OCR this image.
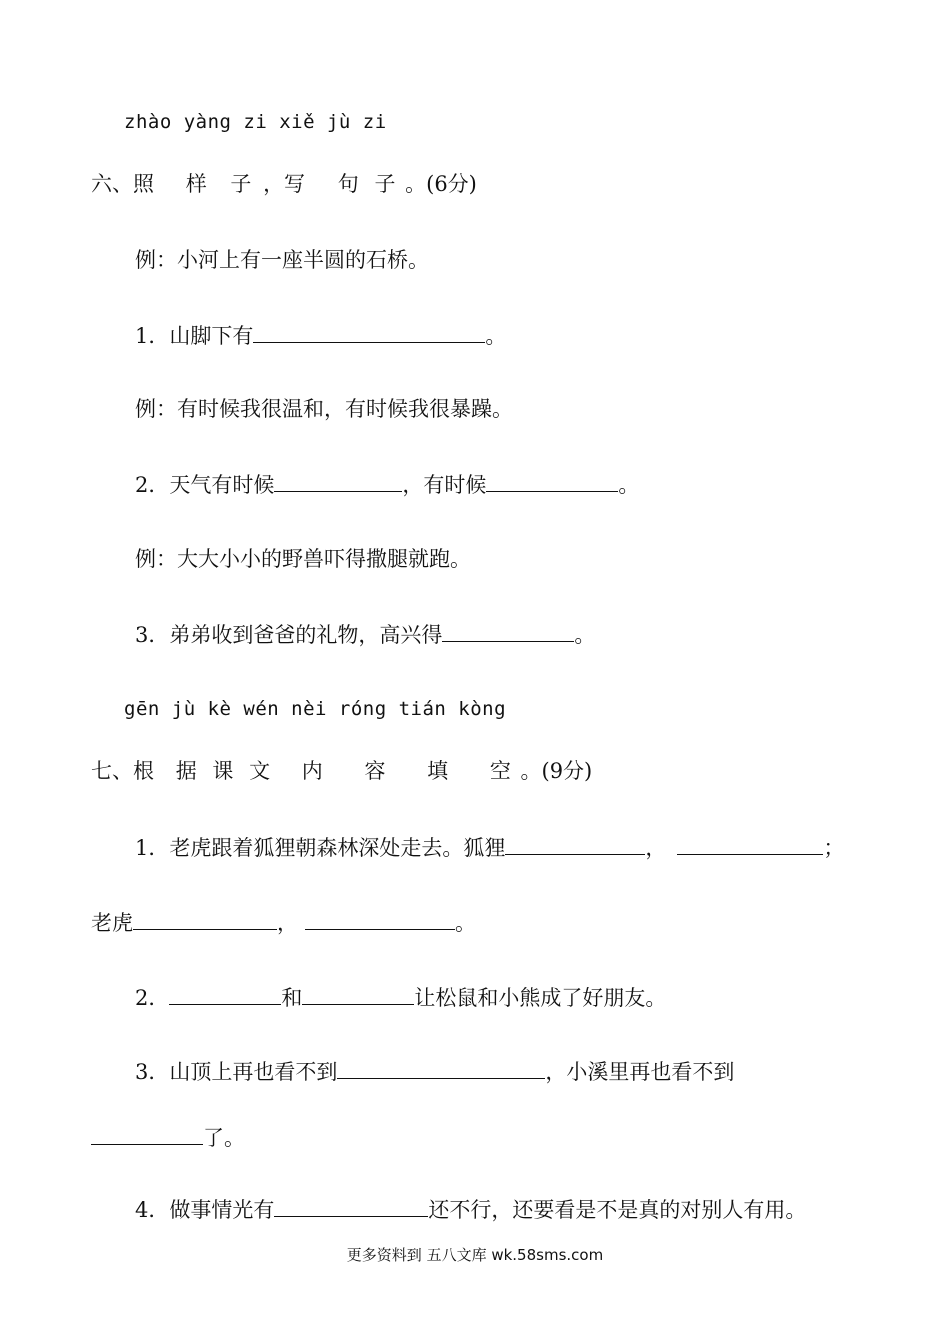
zhào yàng zi xiě jù zi
六、照 样 子 ，写 句 子 。(6分)
例：小河上有一座半圆的石桥。
1．山脚下有	。
例：有时候我很温和，有时候我很暴躁。
2．天气有时候	，有时候	。
例：大大小小的野兽吓得撒腿就跑。
3．弟弟收到爸爸的礼物，高兴得	。
gēn jù kè wén nèi róng tián kòng
七、根 据 课 文 内 容 填 空 。(9分)
1．老虎跟着狐狸朝森林深处走去。狐狸	，	；
老虎	，	。
2．	和	让松鼠和小熊成了好朋友。
3．山顶上再也看不到	，小溪里再也看不到
了。
4．做事情光有	还不行，还要看是不是真的对别人有用。
更多资料到 五八文库 wk.58sms.com
